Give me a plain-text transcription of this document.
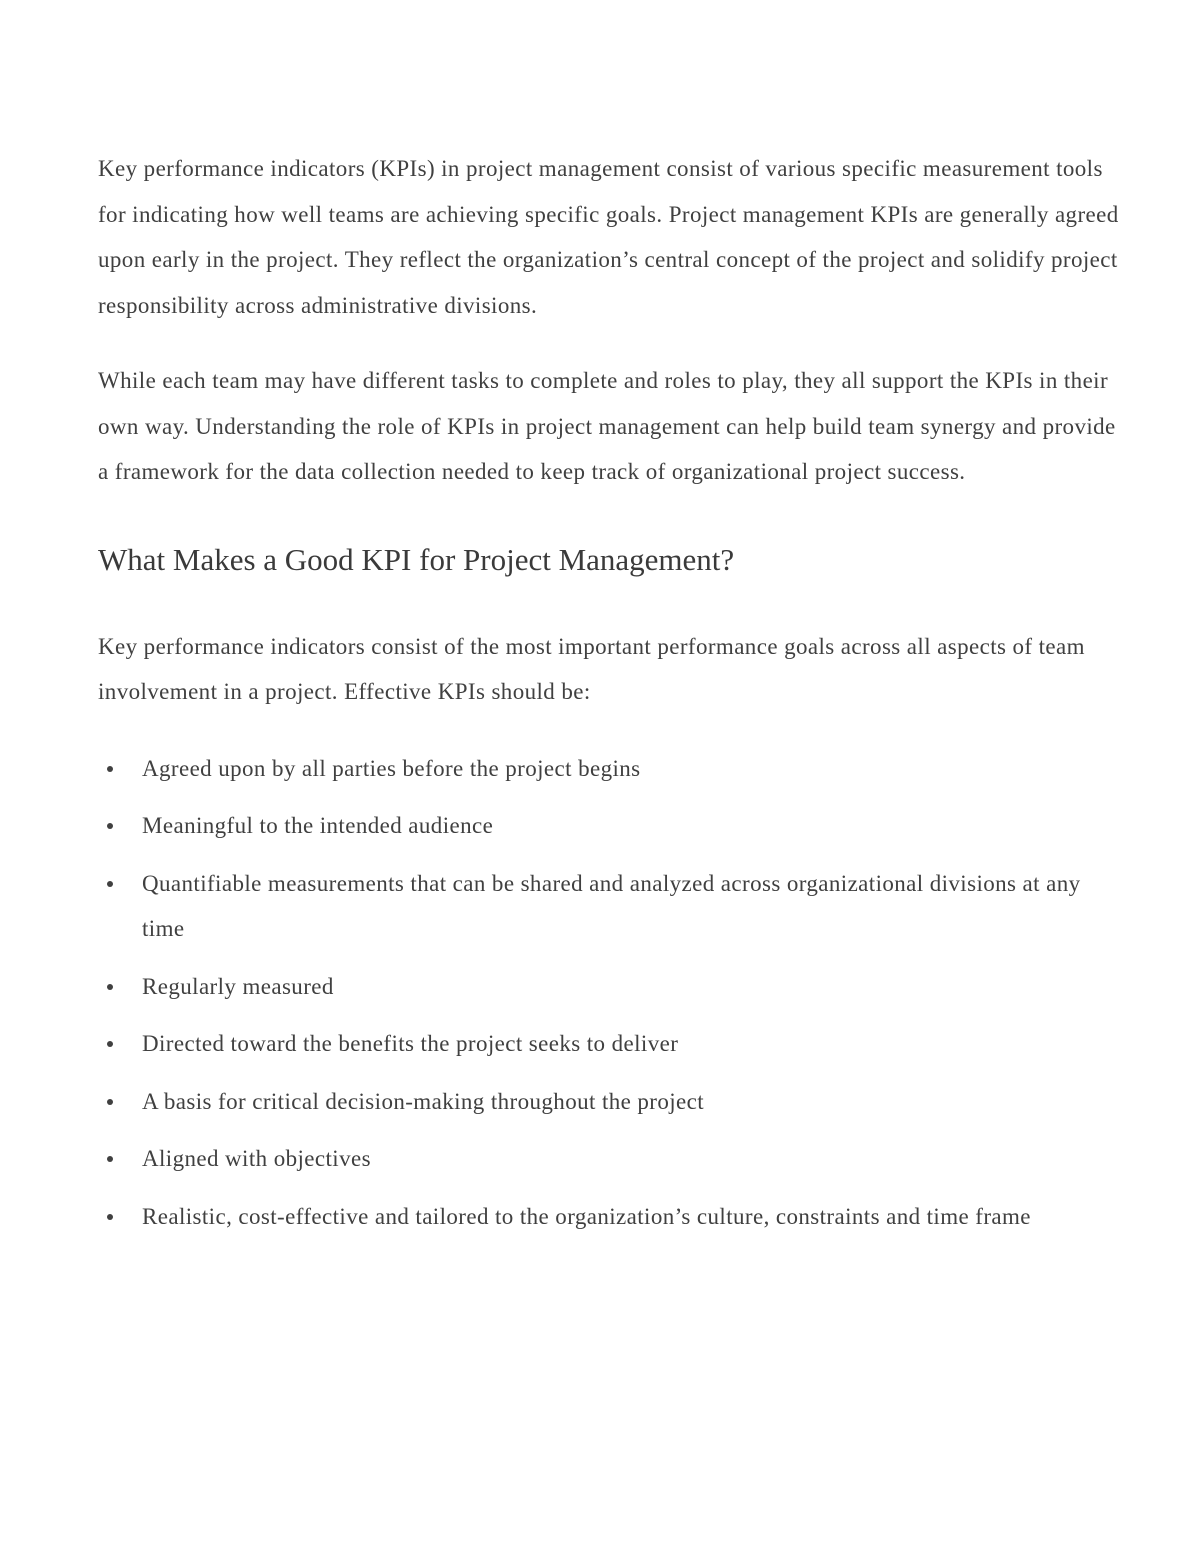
Key performance indicators (KPIs) in project management consist of various specific measurement tools for indicating how well teams are achieving specific goals. Project management KPIs are generally agreed upon early in the project. They reflect the organization’s central concept of the project and solidify project responsibility across administrative divisions.

While each team may have different tasks to complete and roles to play, they all support the KPIs in their own way. Understanding the role of KPIs in project management can help build team synergy and provide a framework for the data collection needed to keep track of organizational project success.

What Makes a Good KPI for Project Management?

Key performance indicators consist of the most important performance goals across all aspects of team involvement in a project. Effective KPIs should be:

Agreed upon by all parties before the project begins
Meaningful to the intended audience
Quantifiable measurements that can be shared and analyzed across organizational divisions at any time
Regularly measured
Directed toward the benefits the project seeks to deliver
A basis for critical decision-making throughout the project
Aligned with objectives
Realistic, cost-effective and tailored to the organization’s culture, constraints and time frame
